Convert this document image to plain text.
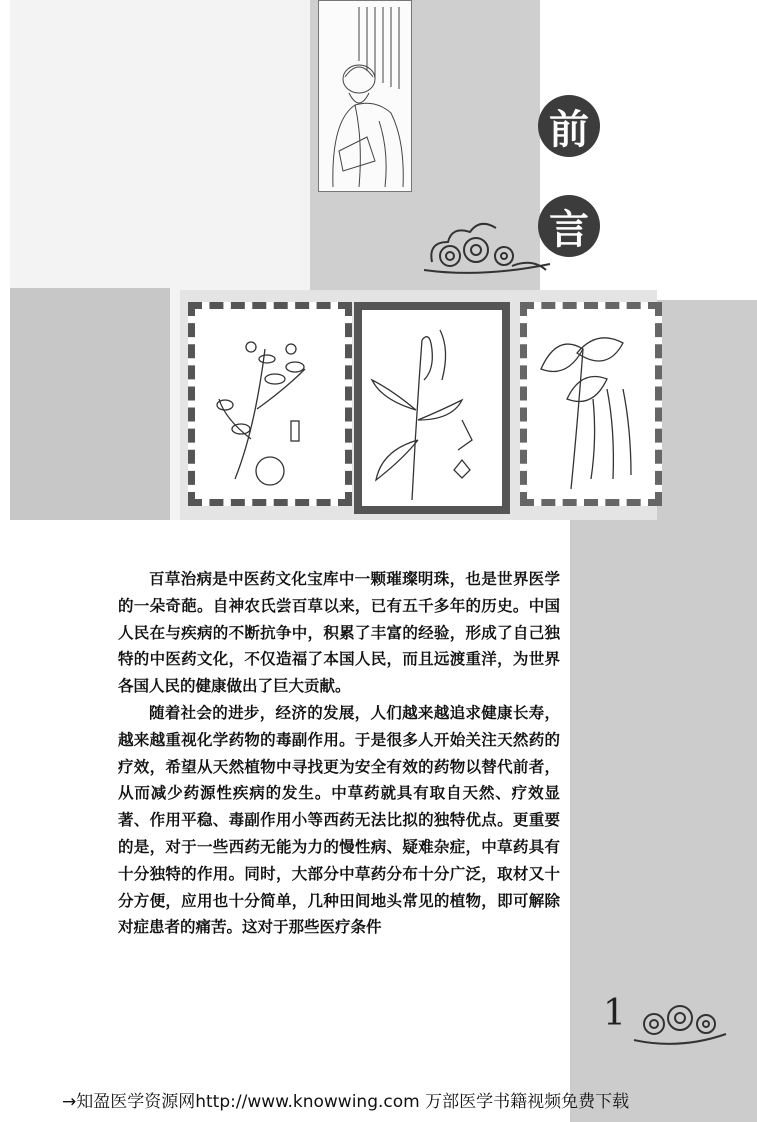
前
言

百草治病是中医药文化宝库中一颗璀璨明珠，也是世界医学的一朵奇葩。自神农氏尝百草以来，已有五千多年的历史。中国人民在与疾病的不断抗争中，积累了丰富的经验，形成了自己独特的中医药文化，不仅造福了本国人民，而且远渡重洋，为世界各国人民的健康做出了巨大贡献。

随着社会的进步，经济的发展，人们越来越追求健康长寿，越来越重视化学药物的毒副作用。于是很多人开始关注天然药的疗效，希望从天然植物中寻找更为安全有效的药物以替代前者，从而减少药源性疾病的发生。中草药就具有取自天然、疗效显著、作用平稳、毒副作用小等西药无法比拟的独特优点。更重要的是，对于一些西药无能为力的慢性病、疑难杂症，中草药具有十分独特的作用。同时，大部分中草药分布十分广泛，取材又十分方便，应用也十分简单，几种田间地头常见的植物，即可解除对症患者的痛苦。这对于那些医疗条件

1
→知盈医学资源网http://www.knowwing.com 万部医学书籍视频免费下载
